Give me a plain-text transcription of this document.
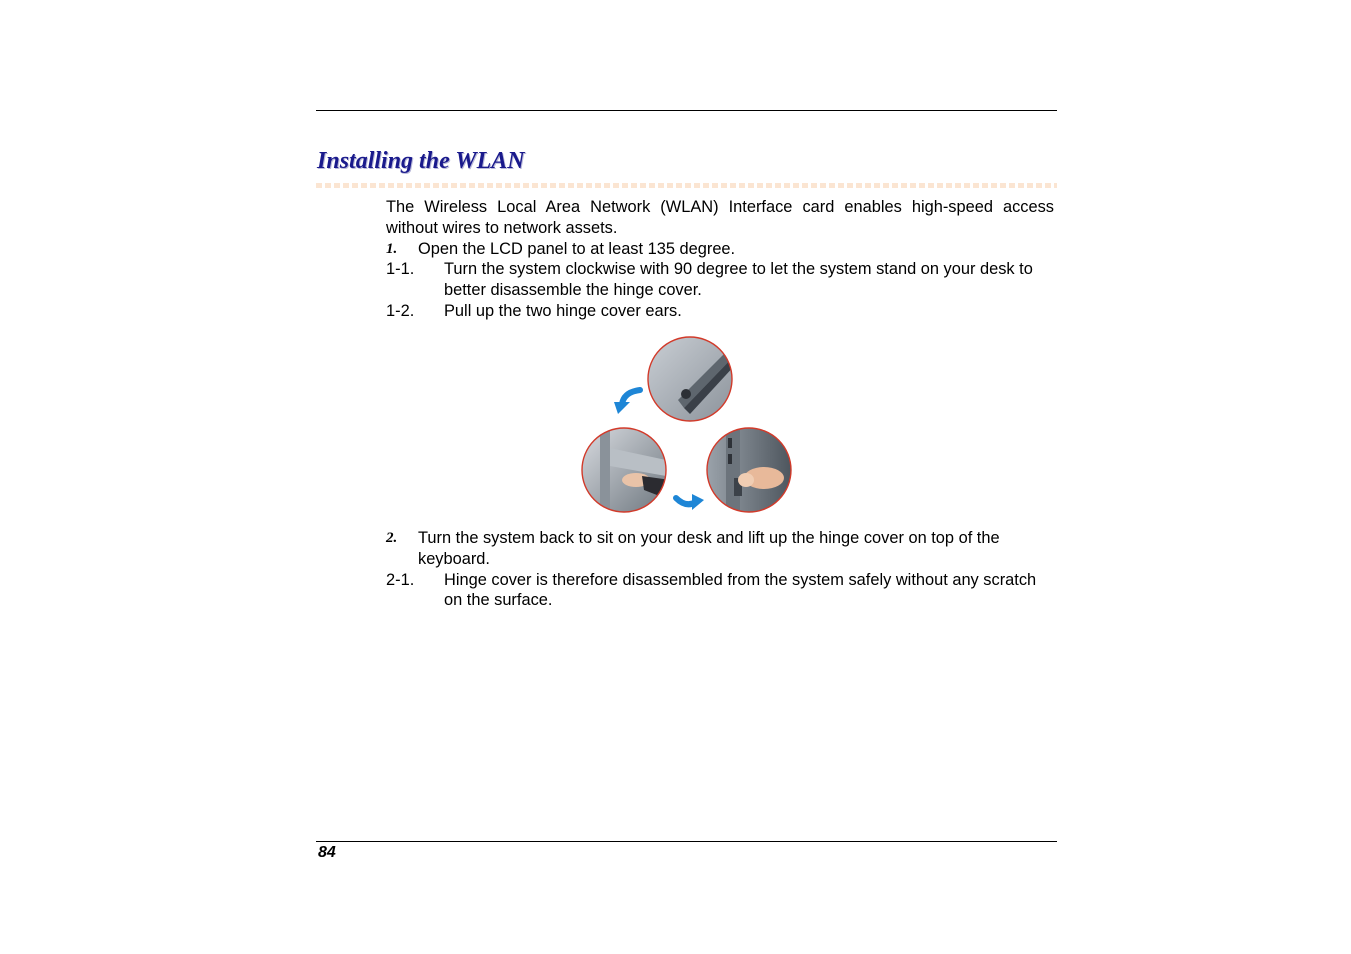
Installing the WLAN

The Wireless Local Area Network (WLAN) Interface card enables high-speed access without wires to network assets.

1.	Open the LCD panel to at least 135 degree.
1-1.	Turn the system clockwise with 90 degree to let the system stand on your desk to better disassemble the hinge cover.
1-2.	Pull up the two hinge cover ears.
2.	Turn the system back to sit on your desk and lift up the hinge cover on top of the keyboard.
2-1.	Hinge cover is therefore disassembled from the system safely without any scratch on the surface.
84
